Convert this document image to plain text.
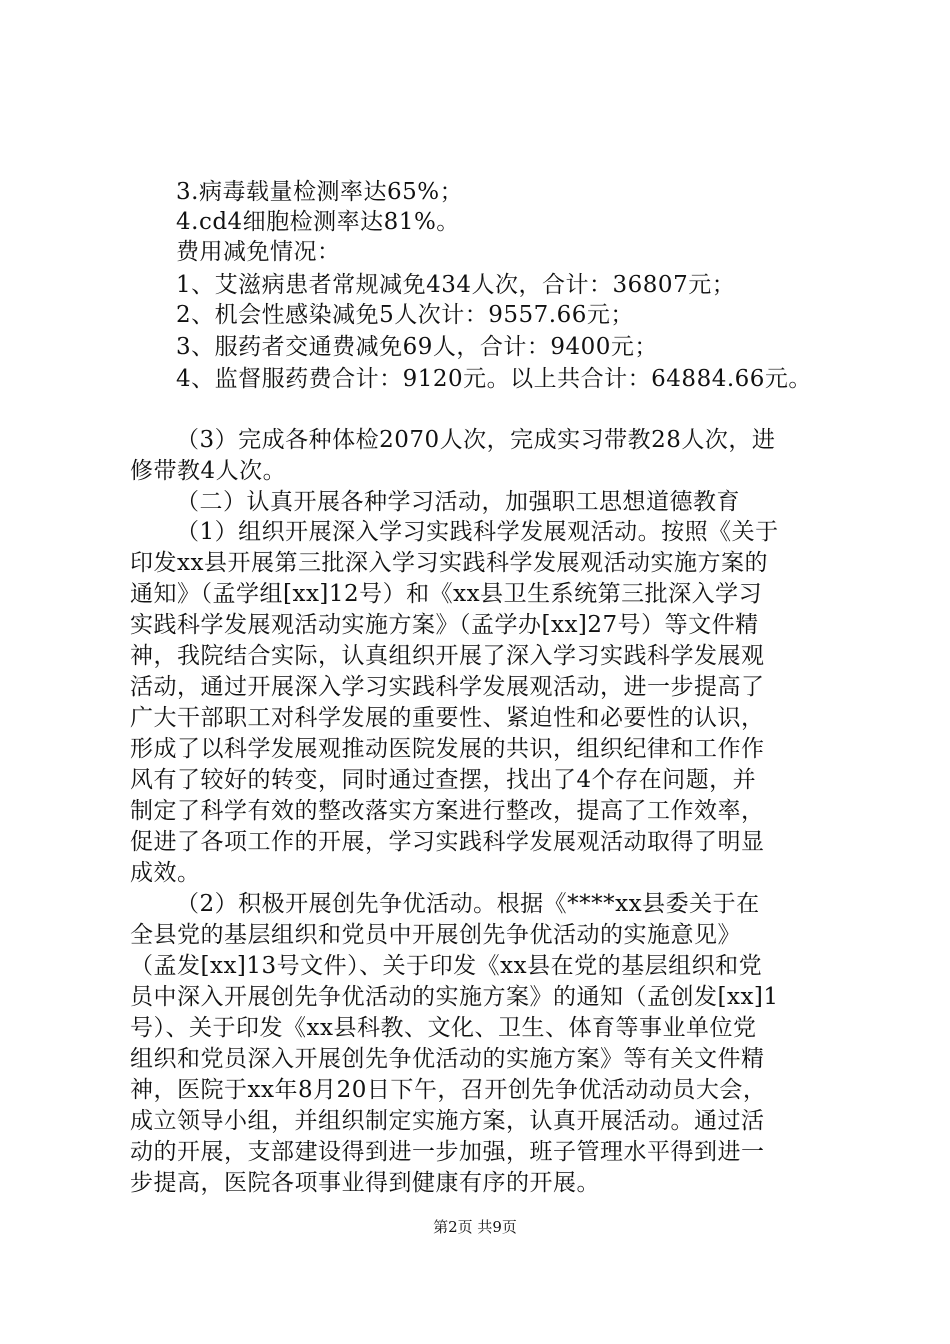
3.病毒载量检测率达65%；
4.cd4细胞检测率达81%。
费用减免情况：
1、艾滋病患者常规减免434人次，合计：36807元；
2、机会性感染减免5人次计：9557.66元；
3、服药者交通费减免69人，合计：9400元；
4、监督服药费合计：9120元。以上共合计：64884.66元。
（3）完成各种体检2070人次，完成实习带教28人次，进
修带教4人次。
（二）认真开展各种学习活动，加强职工思想道德教育
（1）组织开展深入学习实践科学发展观活动。按照《关于
印发xx县开展第三批深入学习实践科学发展观活动实施方案的
通知》（孟学组[xx]12号）和《xx县卫生系统第三批深入学习
实践科学发展观活动实施方案》（孟学办[xx]27号）等文件精
神，我院结合实际，认真组织开展了深入学习实践科学发展观
活动，通过开展深入学习实践科学发展观活动，进一步提高了
广大干部职工对科学发展的重要性、紧迫性和必要性的认识，
形成了以科学发展观推动医院发展的共识，组织纪律和工作作
风有了较好的转变，同时通过查摆，找出了4个存在问题，并
制定了科学有效的整改落实方案进行整改，提高了工作效率，
促进了各项工作的开展，学习实践科学发展观活动取得了明显
成效。
（2）积极开展创先争优活动。根据《****xx县委关于在
全县党的基层组织和党员中开展创先争优活动的实施意见》
（孟发[xx]13号文件）、关于印发《xx县在党的基层组织和党
员中深入开展创先争优活动的实施方案》的通知（孟创发[xx]1
号）、关于印发《xx县科教、文化、卫生、体育等事业单位党
组织和党员深入开展创先争优活动的实施方案》等有关文件精
神，医院于xx年8月20日下午，召开创先争优活动动员大会，
成立领导小组，并组织制定实施方案，认真开展活动。通过活
动的开展，支部建设得到进一步加强，班子管理水平得到进一
步提高，医院各项事业得到健康有序的开展。
第2页 共9页
